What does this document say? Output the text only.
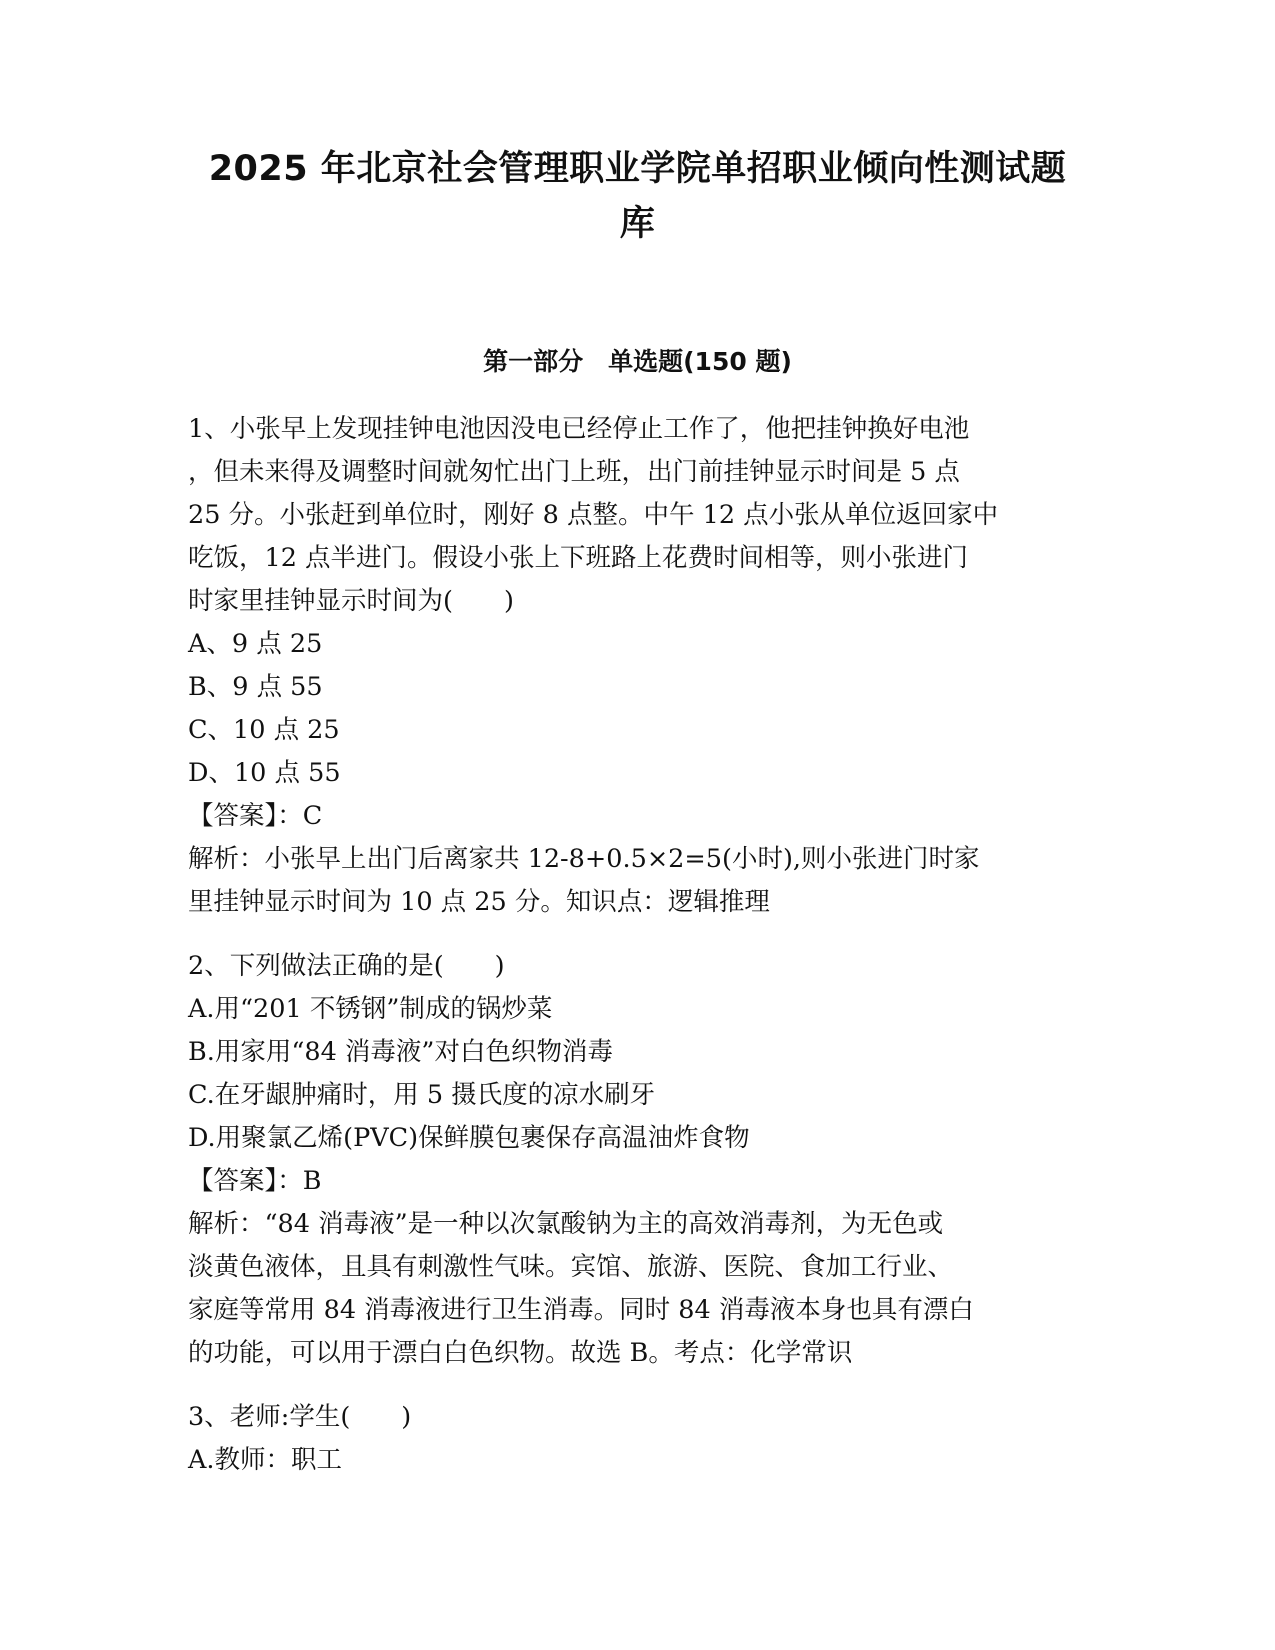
2025 年北京社会管理职业学院单招职业倾向性测试题
库
第一部分　单选题(150 题)
1、小张早上发现挂钟电池因没电已经停止工作了，他把挂钟换好电池
，但未来得及调整时间就匆忙出门上班，出门前挂钟显示时间是 5 点
25 分。小张赶到单位时，刚好 8 点整。中午 12 点小张从单位返回家中
吃饭，12 点半进门。假设小张上下班路上花费时间相等，则小张进门
时家里挂钟显示时间为(　　)
A、9 点 25
B、9 点 55
C、10 点 25
D、10 点 55
【答案】：C
解析：小张早上出门后离家共 12-8+0.5×2=5(小时),则小张进门时家
里挂钟显示时间为 10 点 25 分。知识点：逻辑推理
2、下列做法正确的是(　　)
A.用“201 不锈钢”制成的锅炒菜
B.用家用“84 消毒液”对白色织物消毒
C.在牙龈肿痛时，用 5 摄氏度的凉水刷牙
D.用聚氯乙烯(PVC)保鲜膜包裹保存高温油炸食物
【答案】：B
解析：“84 消毒液”是一种以次氯酸钠为主的高效消毒剂，为无色或
淡黄色液体，且具有刺激性气味。宾馆、旅游、医院、食加工行业、
家庭等常用 84 消毒液进行卫生消毒。同时 84 消毒液本身也具有漂白
的功能，可以用于漂白白色织物。故选 B。考点：化学常识
3、老师:学生(　　)
A.教师：职工
